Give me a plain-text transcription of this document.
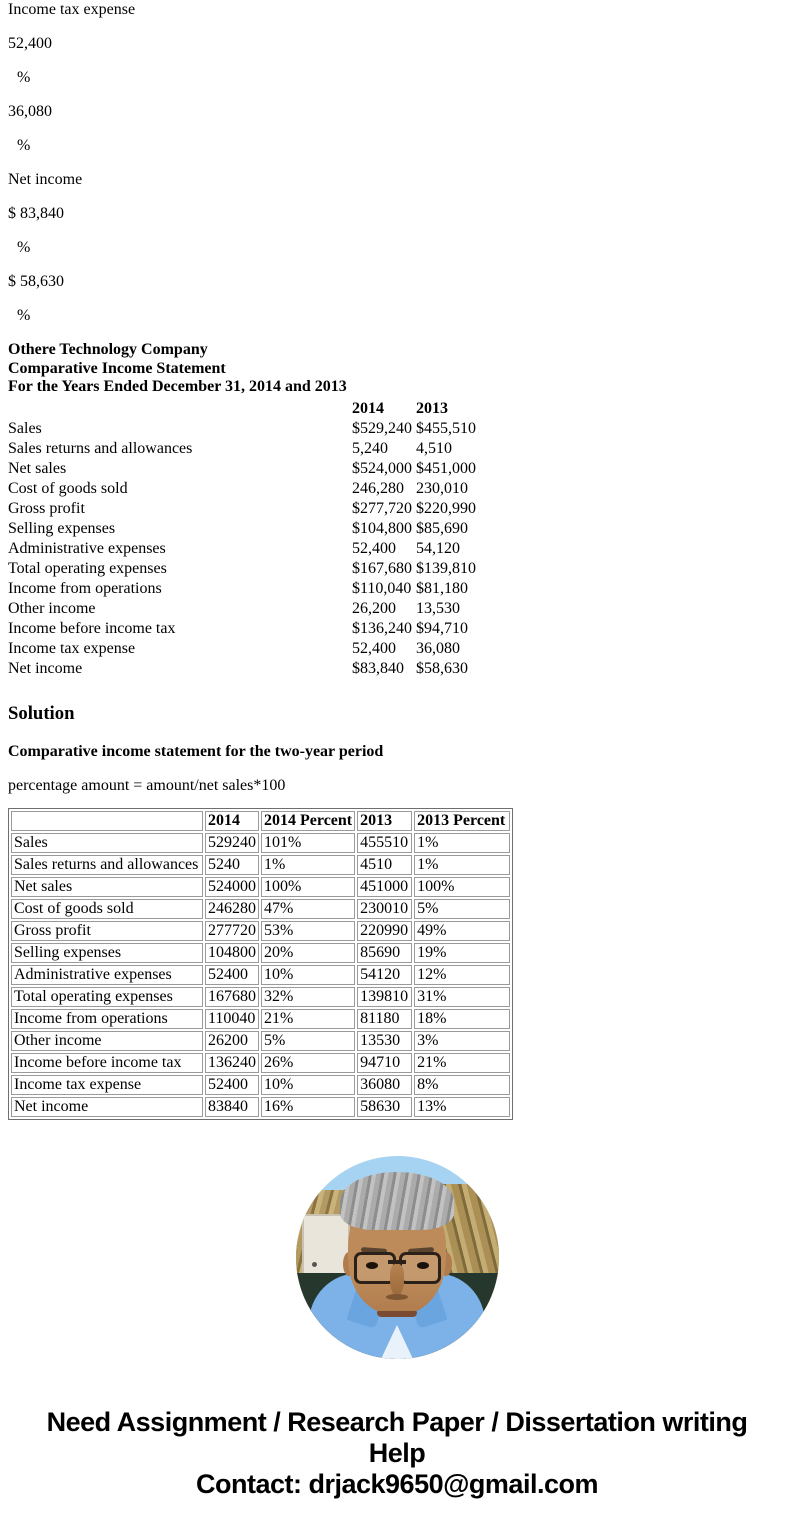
Income tax expense

52,400

%

36,080

%

Net income

$ 83,840

%

$ 58,630

%

Othere Technology Company
Comparative Income Statement
For the Years Ended December 31, 2014 and 2013
	2014	2013
Sales	$529,240	$455,510
Sales returns and allowances	5,240	4,510
Net sales	$524,000	$451,000
Cost of goods sold	246,280	230,010
Gross profit	$277,720	$220,990
Selling expenses	$104,800	$85,690
Administrative expenses	52,400	54,120
Total operating expenses	$167,680	$139,810
Income from operations	$110,040	$81,180
Other income	26,200	13,530
Income before income tax	$136,240	$94,710
Income tax expense	52,400	36,080
Net income	$83,840	$58,630
Solution

Comparative income statement for the two-year period

percentage amount = amount/net sales*100

	2014	2014 Percent	2013	2013 Percent
Sales	529240	101%	455510	1%
Sales returns and allowances	5240	1%	4510	1%
Net sales	524000	100%	451000	100%
Cost of goods sold	246280	47%	230010	5%
Gross profit	277720	53%	220990	49%
Selling expenses	104800	20%	85690	19%
Administrative expenses	52400	10%	54120	12%
Total operating expenses	167680	32%	139810	31%
Income from operations	110040	21%	81180	18%
Other income	26200	5%	13530	3%
Income before income tax	136240	26%	94710	21%
Income tax expense	52400	10%	36080	8%
Net income	83840	16%	58630	13%

Need Assignment / Research Paper / Dissertation writing Help

Contact: drjack9650@gmail.com
